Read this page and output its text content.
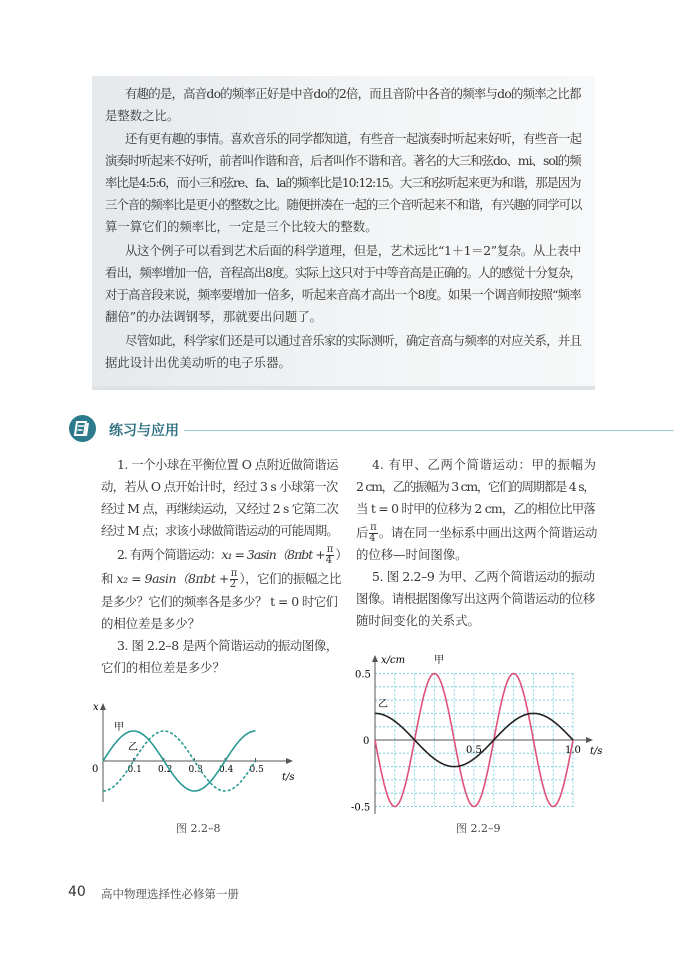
有趣的是，高音do的频率正好是中音do的2倍，而且音阶中各音的频率与do的频率之比都
是整数之比。
还有更有趣的事情。喜欢音乐的同学都知道，有些音一起演奏时听起来好听，有些音一起
演奏时听起来不好听，前者叫作谐和音，后者叫作不谐和音。著名的大三和弦do、mi、sol的频
率比是4:5:6，而小三和弦re、fa、la的频率比是10:12:15。大三和弦听起来更为和谐，那是因为
三个音的频率比是更小的整数之比。随便拼凑在一起的三个音听起来不和谐，有兴趣的同学可以
算一算它们的频率比，一定是三个比较大的整数。
从这个例子可以看到艺术后面的科学道理，但是，艺术远比“1＋1＝2”复杂。从上表中
看出，频率增加一倍，音程高出8度。实际上这只对于中等音高是正确的。人的感觉十分复杂，
对于高音段来说，频率要增加一倍多，听起来音高才高出一个8度。如果一个调音师按照“频率
翻倍”的办法调钢琴，那就要出问题了。
尽管如此，科学家们还是可以通过音乐家的实际测听，确定音高与频率的对应关系，并且
据此设计出优美动听的电子乐器。
练习与应用
1. 一个小球在平衡位置 O 点附近做简谐运
动，若从 O 点开始计时，经过 3 s 小球第一次
经过 M 点，再继续运动，又经过 2 s 它第二次
经过 M 点；求该小球做简谐运动的可能周期。
2. 有两个简谐运动：$x_1 = 3asin(8\pi bt + \frac{\pi}{4}$ ）
和 $x_2 = 9asin(8\pi bt + \frac{\pi}{2}$ ），它们的振幅之比
是多少？它们的频率各是多少？ t = 0 时它们
的相位差是多少？
3. 图 2.2–8 是两个简谐运动的振动图像，
它们的相位差是多少？
4. 有甲、乙两个简谐运动：甲的振幅为
2 cm，乙的振幅为 3 cm，它们的周期都是 4 s，
当 t = 0 时甲的位移为 2 cm，乙的相位比甲落
后 $\frac{\pi}{4}$ 。请在同一坐标系中画出这两个简谐运动
的位移—时间图像。
5. 图 2.2–9 为甲、乙两个简谐运动的振动
图像。请根据图像写出这两个简谐运动的位移
随时间变化的关系式。
x
t/s
0	0.1 0.2 0.3 0.4 0.5
甲
乙
图 2.2–8
x/cm
t/s
0
0.5	1.0
0.5
-0.5
甲
乙
图 2.2–9
40 高中物理选择性必修第一册
